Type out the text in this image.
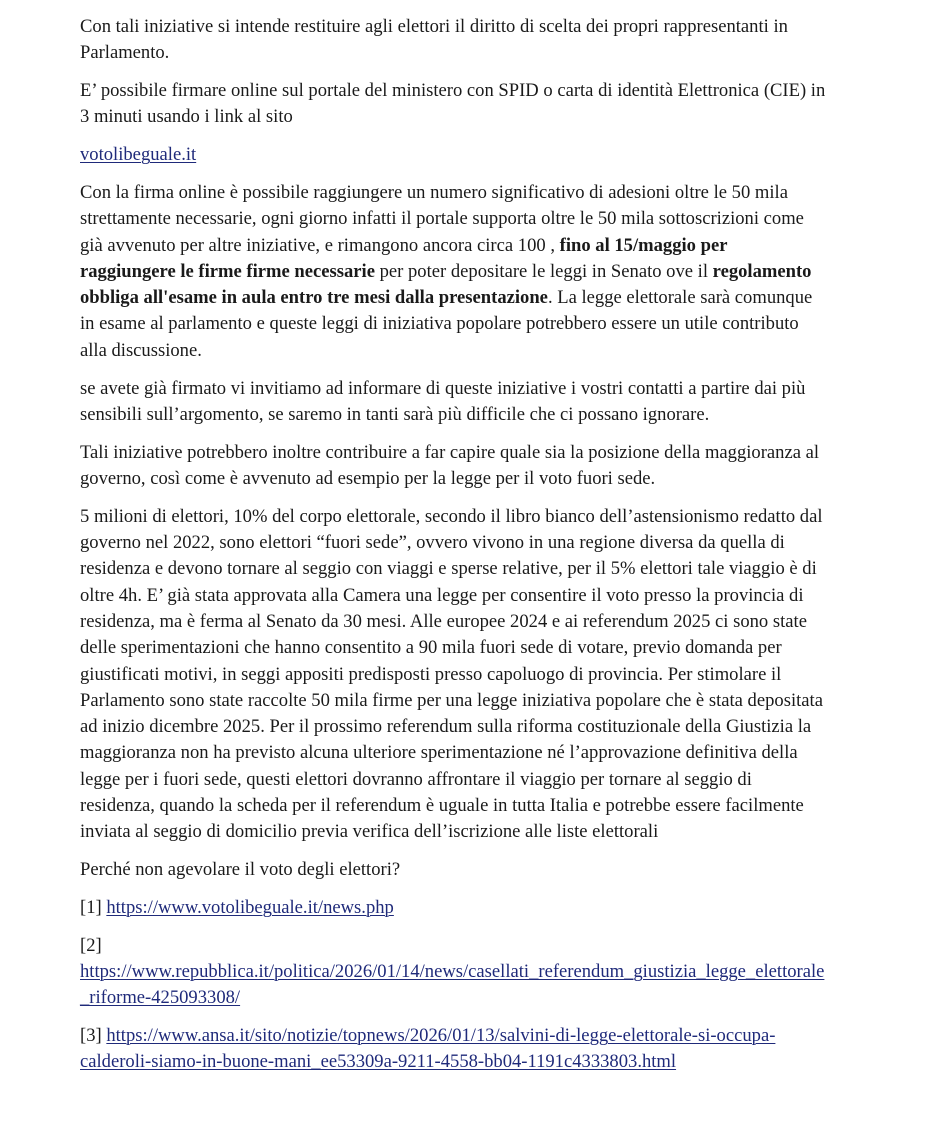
Con tali iniziative si intende restituire agli elettori il diritto di scelta dei propri rappresentanti in
Parlamento.

E’ possibile firmare online sul portale del ministero con SPID o carta di identità Elettronica (CIE) in
3 minuti usando i link al sito

votolibeguale.it

Con la firma online è possibile raggiungere un numero significativo di adesioni oltre le 50 mila
strettamente necessarie, ogni giorno infatti il portale supporta oltre le 50 mila sottoscrizioni come
già avvenuto per altre iniziative, e rimangono ancora circa 100 , fino al 15/maggio per
raggiungere le firme firme necessarie per poter depositare le leggi in Senato ove il regolamento
obbliga all'esame in aula entro tre mesi dalla presentazione. La legge elettorale sarà comunque
in esame al parlamento e queste leggi di iniziativa popolare potrebbero essere un utile contributo
alla discussione.

se avete già firmato vi invitiamo ad informare di queste iniziative i vostri contatti a partire dai più
sensibili sull’argomento, se saremo in tanti sarà più difficile che ci possano ignorare.

Tali iniziative potrebbero inoltre contribuire a far capire quale sia la posizione della maggioranza al
governo, così come è avvenuto ad esempio per la legge per il voto fuori sede.

5 milioni di elettori, 10% del corpo elettorale, secondo il libro bianco dell’astensionismo redatto dal
governo nel 2022, sono elettori “fuori sede”, ovvero vivono in una regione diversa da quella di
residenza e devono tornare al seggio con viaggi e sperse relative, per il 5% elettori tale viaggio è di
oltre 4h. E’ già stata approvata alla Camera una legge per consentire il voto presso la provincia di
residenza, ma è ferma al Senato da 30 mesi. Alle europee 2024 e ai referendum 2025 ci sono state
delle sperimentazioni che hanno consentito a 90 mila fuori sede di votare, previo domanda per
giustificati motivi, in seggi appositi predisposti presso capoluogo di provincia. Per stimolare il
Parlamento sono state raccolte 50 mila firme per una legge iniziativa popolare che è stata depositata
ad inizio dicembre 2025. Per il prossimo referendum sulla riforma costituzionale della Giustizia la
maggioranza non ha previsto alcuna ulteriore sperimentazione né l’approvazione definitiva della
legge per i fuori sede, questi elettori dovranno affrontare il viaggio per tornare al seggio di
residenza, quando la scheda per il referendum è uguale in tutta Italia e potrebbe essere facilmente
inviata al seggio di domicilio previa verifica dell’iscrizione alle liste elettorali

Perché non agevolare il voto degli elettori?

[1] https://www.votolibeguale.it/news.php

[2]
https://www.repubblica.it/politica/2026/01/14/news/casellati_referendum_giustizia_legge_elettorale
_riforme-425093308/

[3] https://www.ansa.it/sito/notizie/topnews/2026/01/13/salvini-di-legge-elettorale-si-occupa-
calderoli-siamo-in-buone-mani_ee53309a-9211-4558-bb04-1191c4333803.html
